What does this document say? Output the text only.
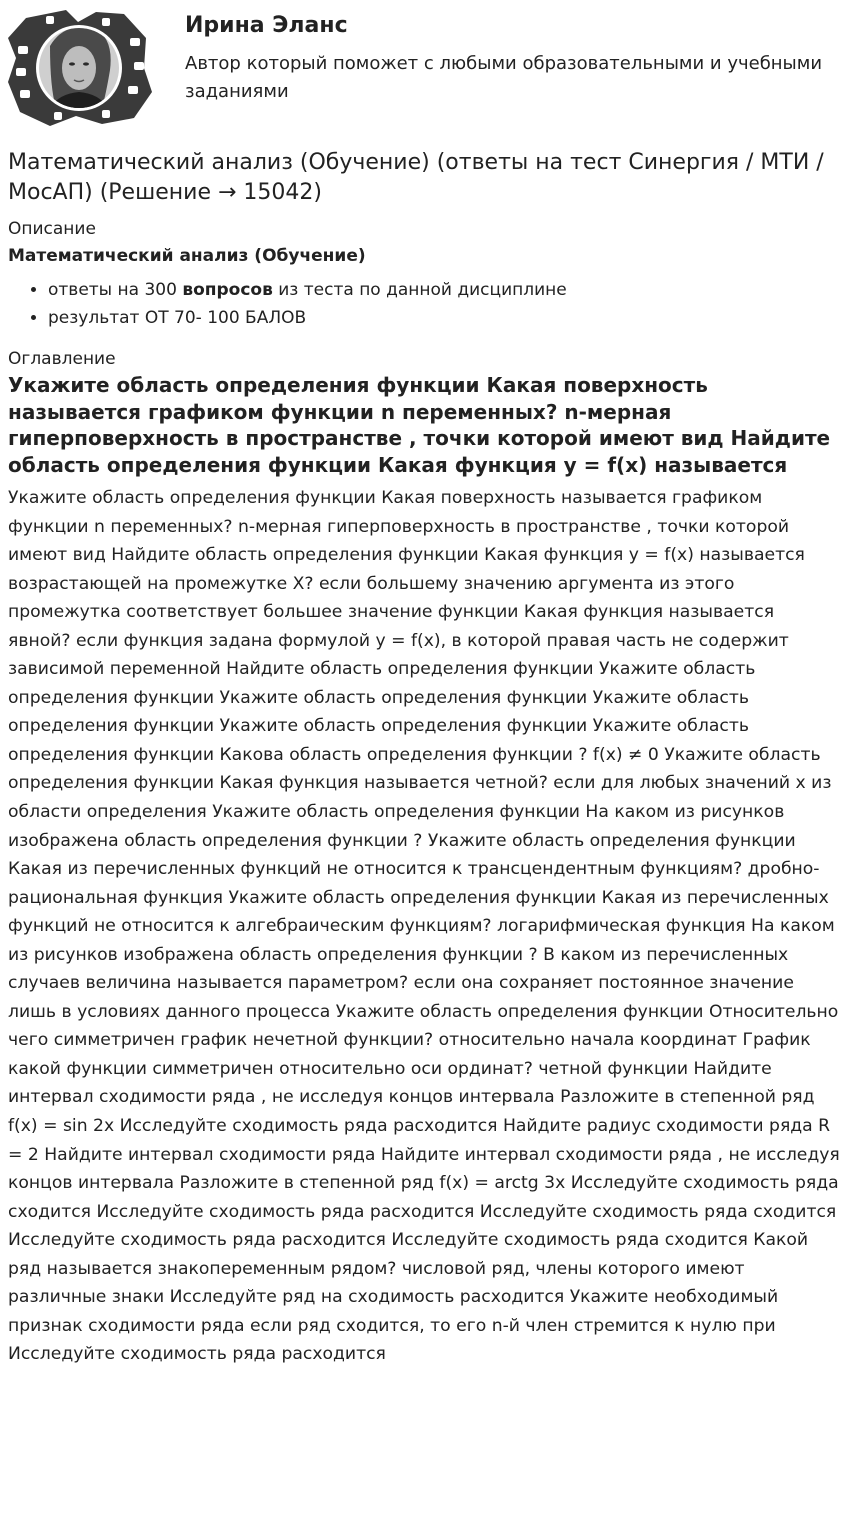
Ирина Эланс
Автор который поможет с любыми образовательными и учебными заданиями
Математический анализ (Обучение) (ответы на тест Синергия / МТИ / МосАП) (Решение → 15042)
Описание
Математический анализ (Обучение)
• ответы на 300 вопросов из теста по данной дисциплине
• результат ОТ 70- 100 БАЛОВ
Оглавление
Укажите область определения функции Какая поверхность называется графиком функции n переменных? n-мерная гиперповерхность в пространстве , точки которой имеют вид Найдите область определения функции Какая функция y = f(x) называется
Укажите область определения функции Какая поверхность называется графиком функции n переменных? n-мерная гиперповерхность в пространстве , точки которой имеют вид Найдите область определения функции Какая функция y = f(x) называется возрастающей на промежутке X? если большему значению аргумента из этого промежутка соответствует большее значение функции Какая функция называется явной? если функция задана формулой y = f(x), в которой правая часть не содержит зависимой переменной Найдите область определения функции Укажите область определения функции Укажите область определения функции Укажите область определения функции Укажите область определения функции Укажите область определения функции Какова область определения функции ? f(x) ≠ 0 Укажите область определения функции Какая функция называется четной? если для любых значений x из области определения Укажите область определения функции На каком из рисунков изображена область определения функции ? Укажите область определения функции Какая из перечисленных функций не относится к трансцендентным функциям? дробно-рациональная функция Укажите область определения функции Какая из перечисленных функций не относится к алгебраическим функциям? логарифмическая функция На каком из рисунков изображена область определения функции ? В каком из перечисленных случаев величина называется параметром? если она сохраняет постоянное значение лишь в условиях данного процесса Укажите область определения функции Относительно чего симметричен график нечетной функции? относительно начала координат График какой функции симметричен относительно оси ординат? четной функции Найдите интервал сходимости ряда , не исследуя концов интервала Разложите в степенной ряд f(x) = sin 2x Исследуйте сходимость ряда расходится Найдите радиус сходимости ряда R = 2 Найдите интервал сходимости ряда Найдите интервал сходимости ряда , не исследуя концов интервала Разложите в степенной ряд f(x) = arctg 3x Исследуйте сходимость ряда сходится Исследуйте сходимость ряда расходится Исследуйте сходимость ряда сходится Исследуйте сходимость ряда расходится Исследуйте сходимость ряда сходится Какой ряд называется знакопеременным рядом? числовой ряд, члены которого имеют различные знаки Исследуйте ряд на сходимость расходится Укажите необходимый признак сходимости ряда если ряд сходится, то его n-й член стремится к нулю при Исследуйте сходимость ряда расходится
